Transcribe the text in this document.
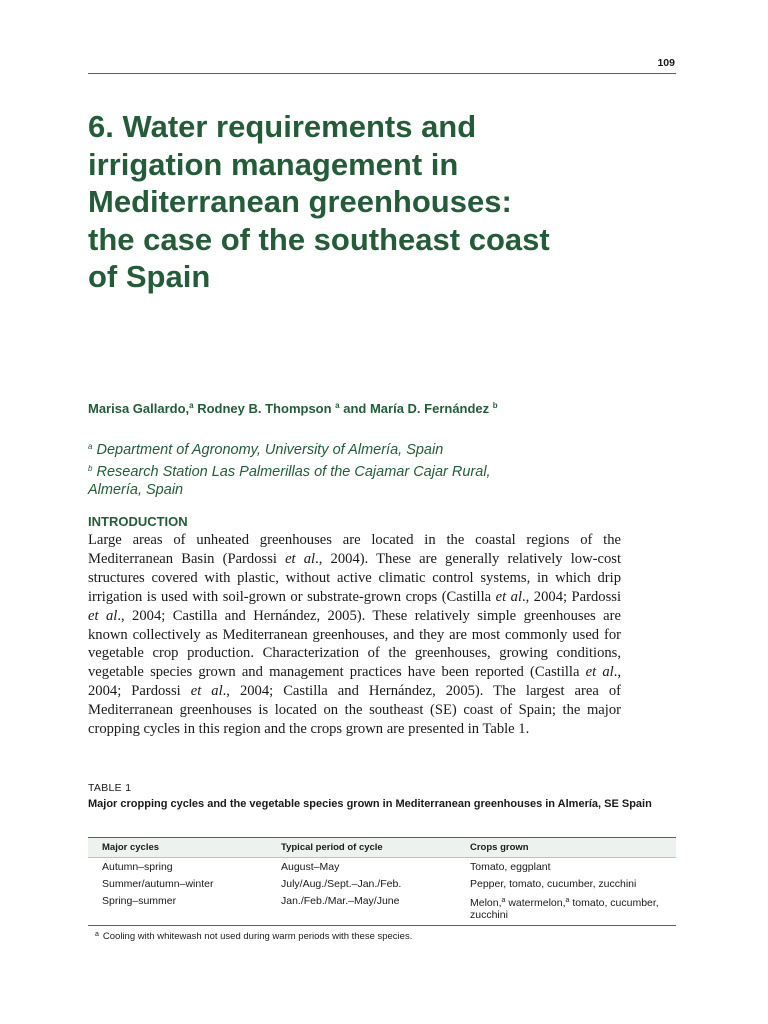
109
6. Water requirements and
irrigation management in
Mediterranean greenhouses:
the case of the southeast coast
of Spain

Marisa Gallardo,$^a$ Rodney B. Thompson $^a$ and María D. Fernández $^b$

$^a$ Department of Agronomy, University of Almería, Spain
$^b$ Research Station Las Palmerillas of the Cajamar Cajar Rural,
Almería, Spain
INTRODUCTION

Large areas of unheated greenhouses are located in the coastal regions of the Mediterranean Basin (Pardossi et al., 2004). These are generally relatively low-cost structures covered with plastic, without active climatic control systems, in which drip irrigation is used with soil-grown or substrate-grown crops (Castilla et al., 2004; Pardossi et al., 2004; Castilla and Hernández, 2005). These relatively simple greenhouses are known collectively as Mediterranean greenhouses, and they are most commonly used for vegetable crop production. Characterization of the greenhouses, growing conditions, vegetable species grown and management practices have been reported (Castilla et al., 2004; Pardossi et al., 2004; Castilla and Hernández, 2005). The largest area of Mediterranean greenhouses is located on the southeast (SE) coast of Spain; the major cropping cycles in this region and the crops grown are presented in Table 1.

TABLE 1

Major cropping cycles and the vegetable species grown in Mediterranean greenhouses in Almería, SE Spain

Major cycles	Typical period of cycle	Crops grown
Autumn–spring	August–May	Tomato, eggplant
Summer/autumn–winter	July/Aug./Sept.–Jan./Feb.	Pepper, tomato, cucumber, zucchini
Spring–summer	Jan./Feb./Mar.–May/June	Melon,$^a$ watermelon,$^a$ tomato, cucumber, zucchini
$^a$ Cooling with whitewash not used during warm periods with these species.
